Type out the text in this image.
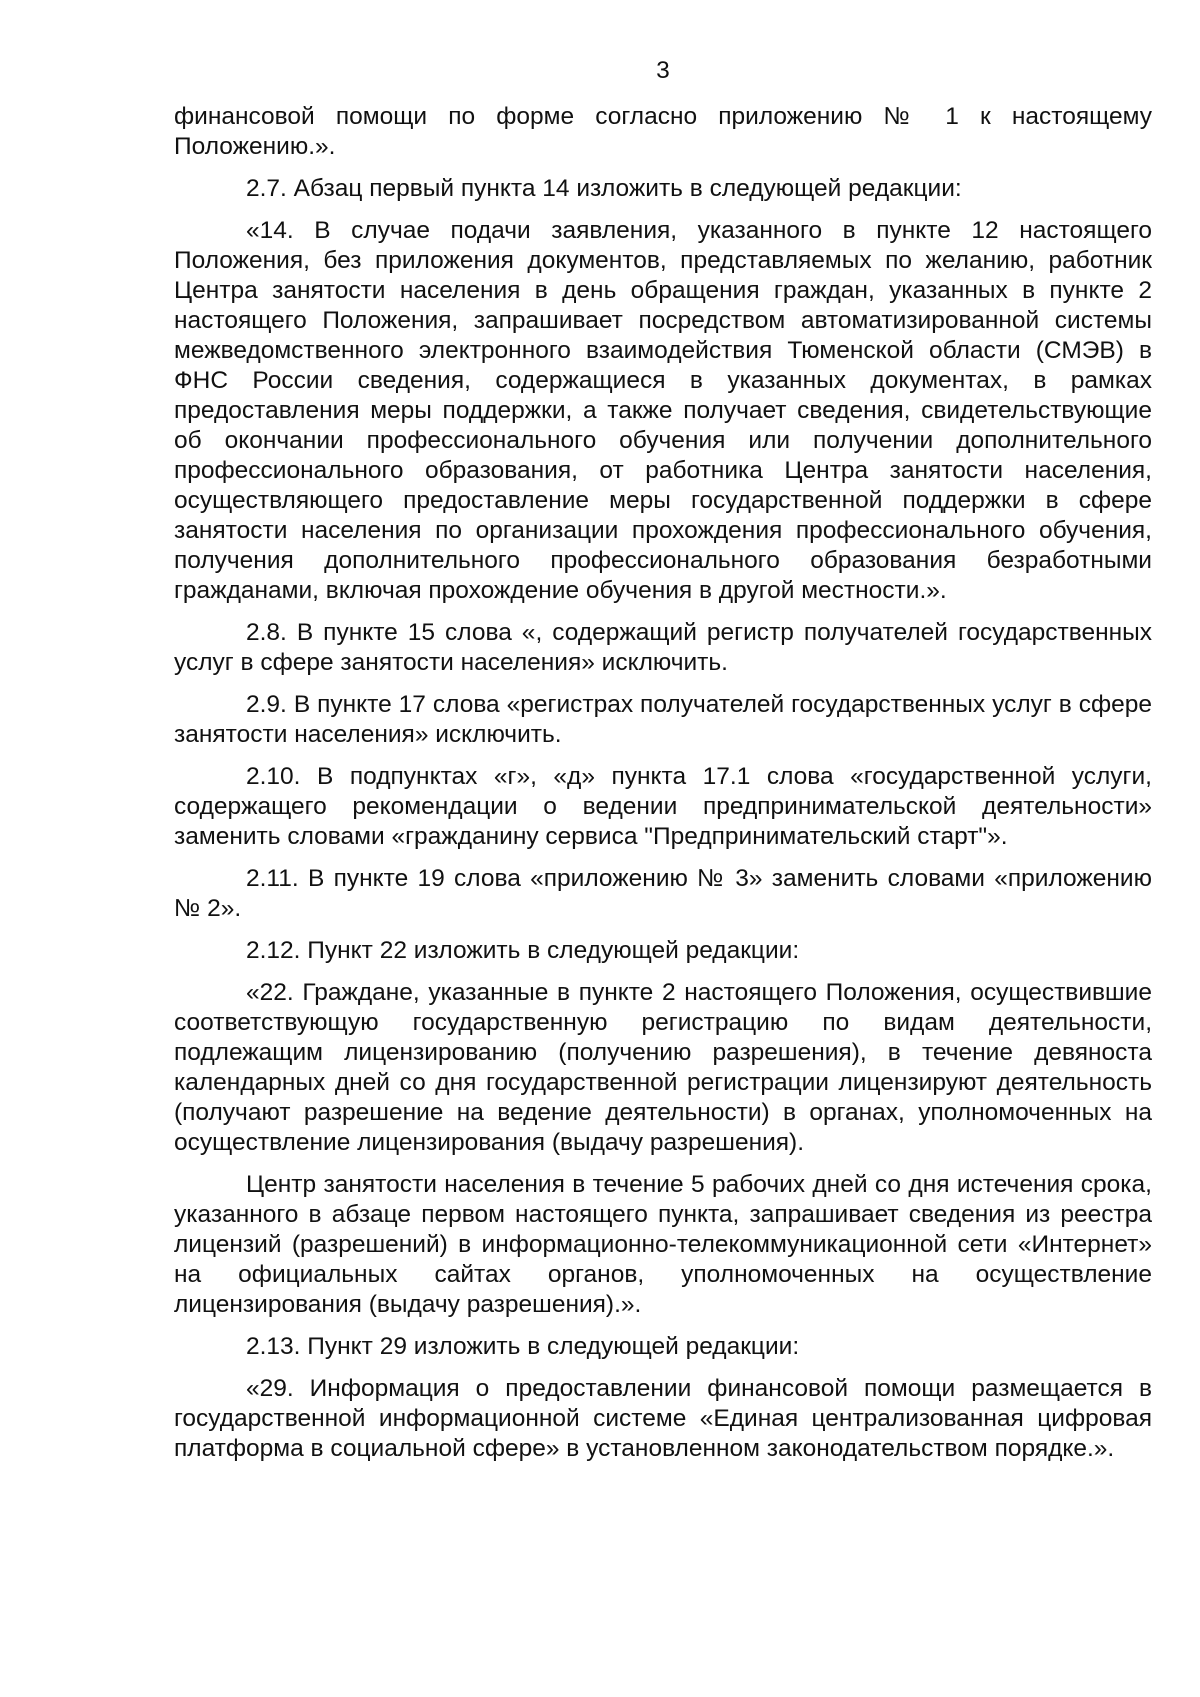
3

финансовой помощи по форме согласно приложению № 1 к настоящему Положению.».

2.7. Абзац первый пункта 14 изложить в следующей редакции:

«14. В случае подачи заявления, указанного в пункте 12 настоящего Положения, без приложения документов, представляемых по желанию, работник Центра занятости населения в день обращения граждан, указанных в пункте 2 настоящего Положения, запрашивает посредством автоматизированной системы межведомственного электронного взаимодействия Тюменской области (СМЭВ) в ФНС России сведения, содержащиеся в указанных документах, в рамках предоставления меры поддержки, а также получает сведения, свидетельствующие об окончании профессионального обучения или получении дополнительного профессионального образования, от работника Центра занятости населения, осуществляющего предоставление меры государственной поддержки в сфере занятости населения по организации прохождения профессионального обучения, получения дополнительного профессионального образования безработными гражданами, включая прохождение обучения в другой местности.».

2.8. В пункте 15 слова «, содержащий регистр получателей государственных услуг в сфере занятости населения» исключить.

2.9. В пункте 17 слова «регистрах получателей государственных услуг в сфере занятости населения» исключить.

2.10. В подпунктах «г», «д» пункта 17.1 слова «государственной услуги, содержащего рекомендации о ведении предпринимательской деятельности» заменить словами «гражданину сервиса "Предпринимательский старт"».

2.11. В пункте 19 слова «приложению № 3» заменить словами «приложению № 2».

2.12. Пункт 22 изложить в следующей редакции:

«22. Граждане, указанные в пункте 2 настоящего Положения, осуществившие соответствующую государственную регистрацию по видам деятельности, подлежащим лицензированию (получению разрешения), в течение девяноста календарных дней со дня государственной регистрации лицензируют деятельность (получают разрешение на ведение деятельности) в органах, уполномоченных на осуществление лицензирования (выдачу разрешения).

Центр занятости населения в течение 5 рабочих дней со дня истечения срока, указанного в абзаце первом настоящего пункта, запрашивает сведения из реестра лицензий (разрешений) в информационно-телекоммуникационной сети «Интернет» на официальных сайтах органов, уполномоченных на осуществление лицензирования (выдачу разрешения).».

2.13. Пункт 29 изложить в следующей редакции:

«29. Информация о предоставлении финансовой помощи размещается в государственной информационной системе «Единая централизованная цифровая платформа в социальной сфере» в установленном законодательством порядке.».
